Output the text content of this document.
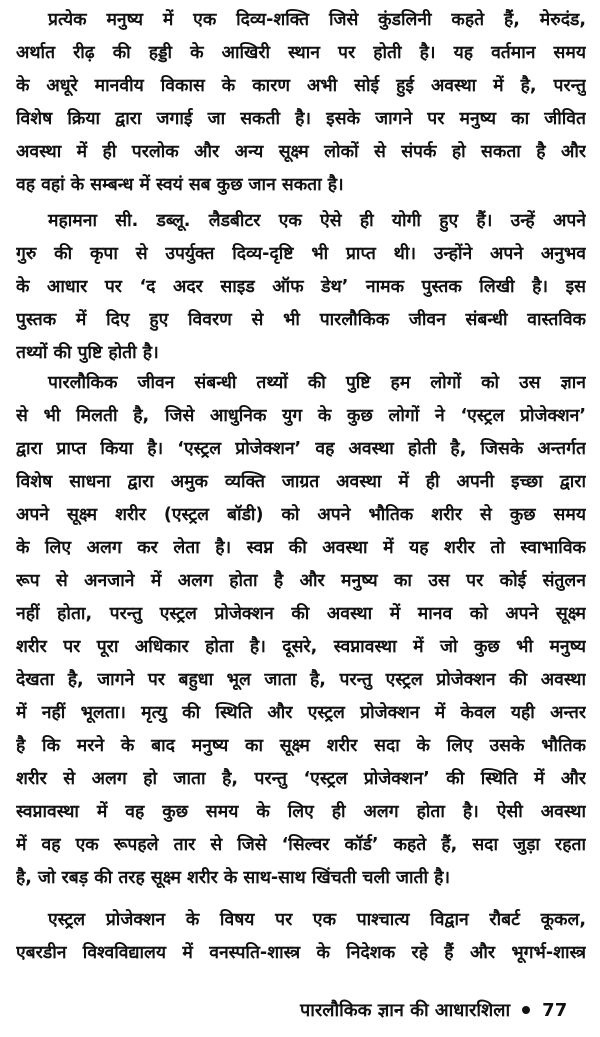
प्रत्येक मनुष्य में एक दिव्य-शक्ति जिसे कुंडलिनी कहते हैं, मेरुदंड,
अर्थात रीढ़ की हड्डी के आखिरी स्थान पर होती है। यह वर्तमान समय
के अधूरे मानवीय विकास के कारण अभी सोई हुई अवस्था में है, परन्तु
विशेष क्रिया द्वारा जगाई जा सकती है। इसके जागने पर मनुष्य का जीवित
अवस्था में ही परलोक और अन्य सूक्ष्म लोकों से संपर्क हो सकता है और
वह वहां के सम्बन्ध में स्वयं सब कुछ जान सकता है।
महामना सी. डब्लू. लैडबीटर एक ऐसे ही योगी हुए हैं। उन्हें अपने
गुरु की कृपा से उपर्युक्त दिव्य-दृष्टि भी प्राप्त थी। उन्होंने अपने अनुभव
के आधार पर ‘द अदर साइड ऑफ डेथ’ नामक पुस्तक लिखी है। इस
पुस्तक में दिए हुए विवरण से भी पारलौकिक जीवन संबन्धी वास्तविक
तथ्यों की पुष्टि होती है।
पारलौकिक जीवन संबन्धी तथ्यों की पुष्टि हम लोगों को उस ज्ञान
से भी मिलती है, जिसे आधुनिक युग के कुछ लोगों ने ‘एस्ट्रल प्रोजेक्शन’
द्वारा प्राप्त किया है। ‘एस्ट्रल प्रोजेक्शन’ वह अवस्था होती है, जिसके अन्तर्गत
विशेष साधना द्वारा अमुक व्यक्ति जाग्रत अवस्था में ही अपनी इच्छा द्वारा
अपने सूक्ष्म शरीर (एस्ट्रल बॉडी) को अपने भौतिक शरीर से कुछ समय
के लिए अलग कर लेता है। स्वप्न की अवस्था में यह शरीर तो स्वाभाविक
रूप से अनजाने में अलग होता है और मनुष्य का उस पर कोई संतुलन
नहीं होता, परन्तु एस्ट्रल प्रोजेक्शन की अवस्था में मानव को अपने सूक्ष्म
शरीर पर पूरा अधिकार होता है। दूसरे, स्वप्नावस्था में जो कुछ भी मनुष्य
देखता है, जागने पर बहुधा भूल जाता है, परन्तु एस्ट्रल प्रोजेक्शन की अवस्था
में नहीं भूलता। मृत्यु की स्थिति और एस्ट्रल प्रोजेक्शन में केवल यही अन्तर
है कि मरने के बाद मनुष्य का सूक्ष्म शरीर सदा के लिए उसके भौतिक
शरीर से अलग हो जाता है, परन्तु ‘एस्ट्रल प्रोजेक्शन’ की स्थिति में और
स्वप्नावस्था में वह कुछ समय के लिए ही अलग होता है। ऐसी अवस्था
में वह एक रूपहले तार से जिसे ‘सिल्वर कॉर्ड’ कहते हैं, सदा जुड़ा रहता
है, जो रबड़ की तरह सूक्ष्म शरीर के साथ-साथ खिंचती चली जाती है।
एस्ट्रल प्रोजेक्शन के विषय पर एक पाश्चात्य विद्वान रौबर्ट कूकल,
एबरडीन विश्वविद्यालय में वनस्पति-शास्त्र के निदेशक रहे हैं और भूगर्भ-शास्त्र
पारलौकिक ज्ञान की आधारशिला 77
